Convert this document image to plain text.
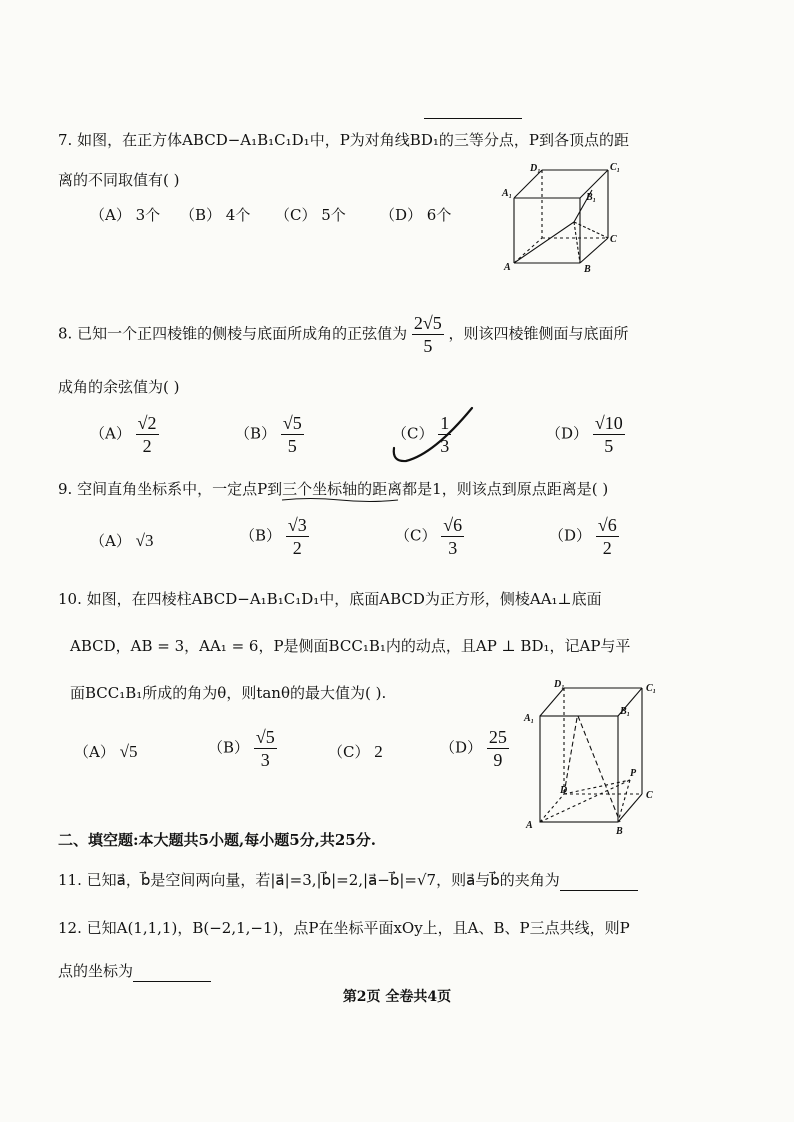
7. 如图，在正方体ABCD−A₁B₁C₁D₁中，P为对角线BD₁的三等分点，P到各顶点的距
离的不同取值有( )
（A） 3个 （B） 4个 （C） 5个 （D） 6个
D₁	C₁
A₁	B₁
C
A	B
8. 已知一个正四棱锥的侧棱与底面所成角的正弦值为 $\frac{2√5}{5}$ ，则该四棱锥侧面与底面所
成角的余弦值为( )
$(A) \frac{√2}{2}$	$(B) \frac{√5}{5}$	$(C) \frac{1}{3}$	$(D) \frac{√10}{5}$
9. 空间直角坐标系中，一定点P到三个坐标轴的距离都是1，则该点到原点距离是( )
（A） √3	$(B) \frac{√3}{2}$	$(C) \frac{√6}{3}$	$(D) \frac{√6}{2}$
10. 如图，在四棱柱ABCD−A₁B₁C₁D₁中，底面ABCD为正方形，侧棱AA₁⊥底面
ABCD，AB = 3，AA₁ = 6，P是侧面BCC₁B₁内的动点，且AP ⊥ BD₁，记AP与平
面BCC₁B₁所成的角为θ，则tanθ的最大值为( ).
（A） √5	$(B) \frac{√5}{3}$	（C） 2	$(D) \frac{25}{9}$
D₁	C₁
A₁
B₁
P
D	C
A
B
二、填空题:本大题共5小题,每小题5分,共25分.
11. 已知a⃗，b⃗是空间两向量，若|a⃗|=3,|b⃗|=2,|a⃗−b⃗|=√7，则a⃗与b⃗的夹角为
12. 已知A(1,1,1)，B(−2,1,−1)，点P在坐标平面xOy上，且A、B、P三点共线，则P
点的坐标为
第2页 全卷共4页
